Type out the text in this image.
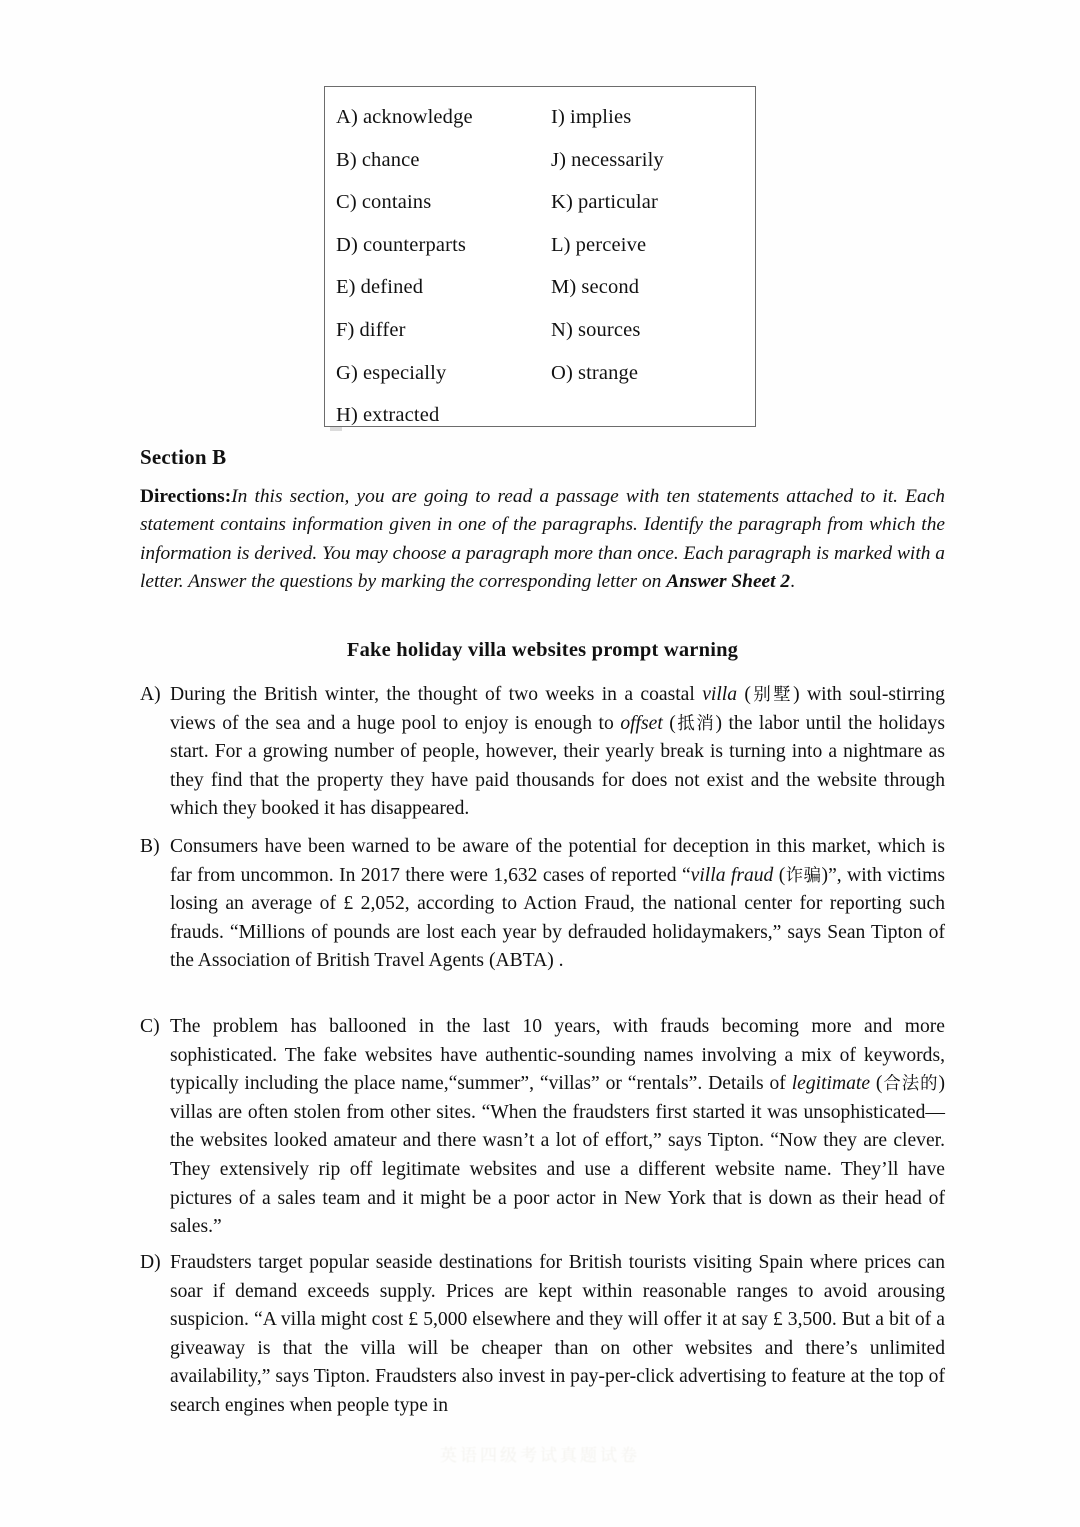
A) acknowledge
B) chance
C) contains
D) counterparts
E) defined
F) differ
G) especially
H) extracted
I) implies
J) necessarily
K) particular
L) perceive
M) second
N) sources
O) strange
Section B
Directions:In this section, you are going to read a passage with ten statements attached to it. Each statement contains information given in one of the paragraphs. Identify the paragraph from which the information is derived. You may choose a paragraph more than once. Each paragraph is marked with a letter. Answer the questions by marking the corresponding letter on Answer Sheet 2.
Fake holiday villa websites prompt warning
A) During the British winter, the thought of two weeks in a coastal villa (别墅) with soul-stirring views of the sea and a huge pool to enjoy is enough to offset (抵消) the labor until the holidays start. For a growing number of people, however, their yearly break is turning into a nightmare as they find that the property they have paid thousands for does not exist and the website through which they booked it has disappeared.
B) Consumers have been warned to be aware of the potential for deception in this market, which is far from uncommon. In 2017 there were 1,632 cases of reported “villa fraud (诈骗)”, with victims losing an average of £ 2,052, according to Action Fraud, the national center for reporting such frauds. “Millions of pounds are lost each year by defrauded holidaymakers,” says Sean Tipton of the Association of British Travel Agents (ABTA) .
C) The problem has ballooned in the last 10 years, with frauds becoming more and more sophisticated. The fake websites have authentic-sounding names involving a mix of keywords, typically including the place name,“summer”, “villas” or “rentals”. Details of legitimate (合法的) villas are often stolen from other sites. “When the fraudsters first started it was unsophisticated—the websites looked amateur and there wasn’t a lot of effort,” says Tipton. “Now they are clever. They extensively rip off legitimate websites and use a different website name. They’ll have pictures of a sales team and it might be a poor actor in New York that is down as their head of sales.”
D) Fraudsters target popular seaside destinations for British tourists visiting Spain where prices can soar if demand exceeds supply. Prices are kept within reasonable ranges to avoid arousing suspicion. “A villa might cost £ 5,000 elsewhere and they will offer it at say £ 3,500. But a bit of a giveaway is that the villa will be cheaper than on other websites and there’s unlimited availability,” says Tipton. Fraudsters also invest in pay-per-click advertising to feature at the top of search engines when people type in
英语四级考试真题试卷
